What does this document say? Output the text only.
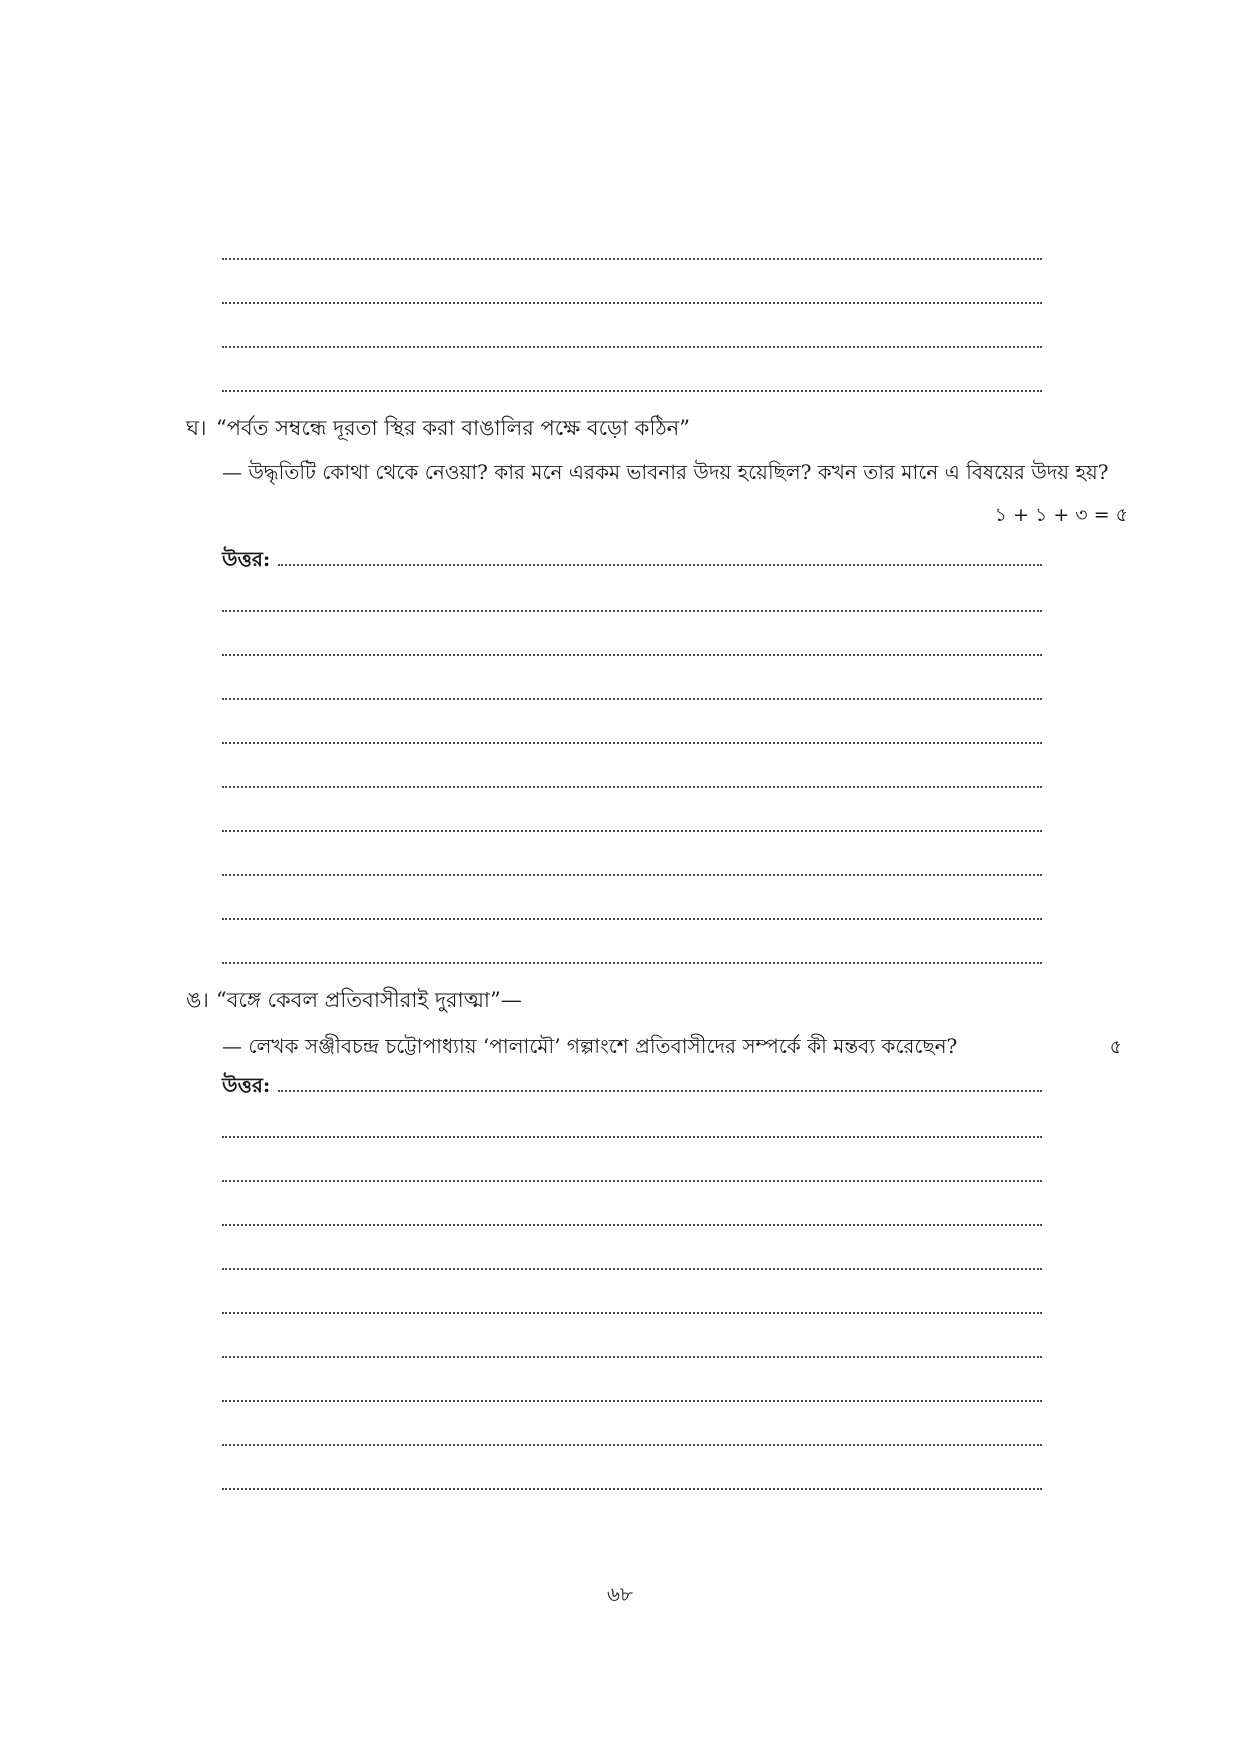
ঘ। “পর্বত সম্বন্ধে দূরতা স্থির করা বাঙালির পক্ষে বড়ো কঠিন”
— উদ্ধৃতিটি কোথা থেকে নেওয়া? কার মনে এরকম ভাবনার উদয় হয়েছিল? কখন তার মানে এ বিষয়ের উদয় হয়?
১ + ১ + ৩ = ৫
উত্তর:
ঙ। “বঙ্গে কেবল প্রতিবাসীরাই দুরাত্মা”—
— লেখক সঞ্জীবচন্দ্র চট্টোপাধ্যায় ‘পালামৌ’ গল্পাংশে প্রতিবাসীদের সম্পর্কে কী মন্তব্য করেছেন?	৫
উত্তর:
৬৮
